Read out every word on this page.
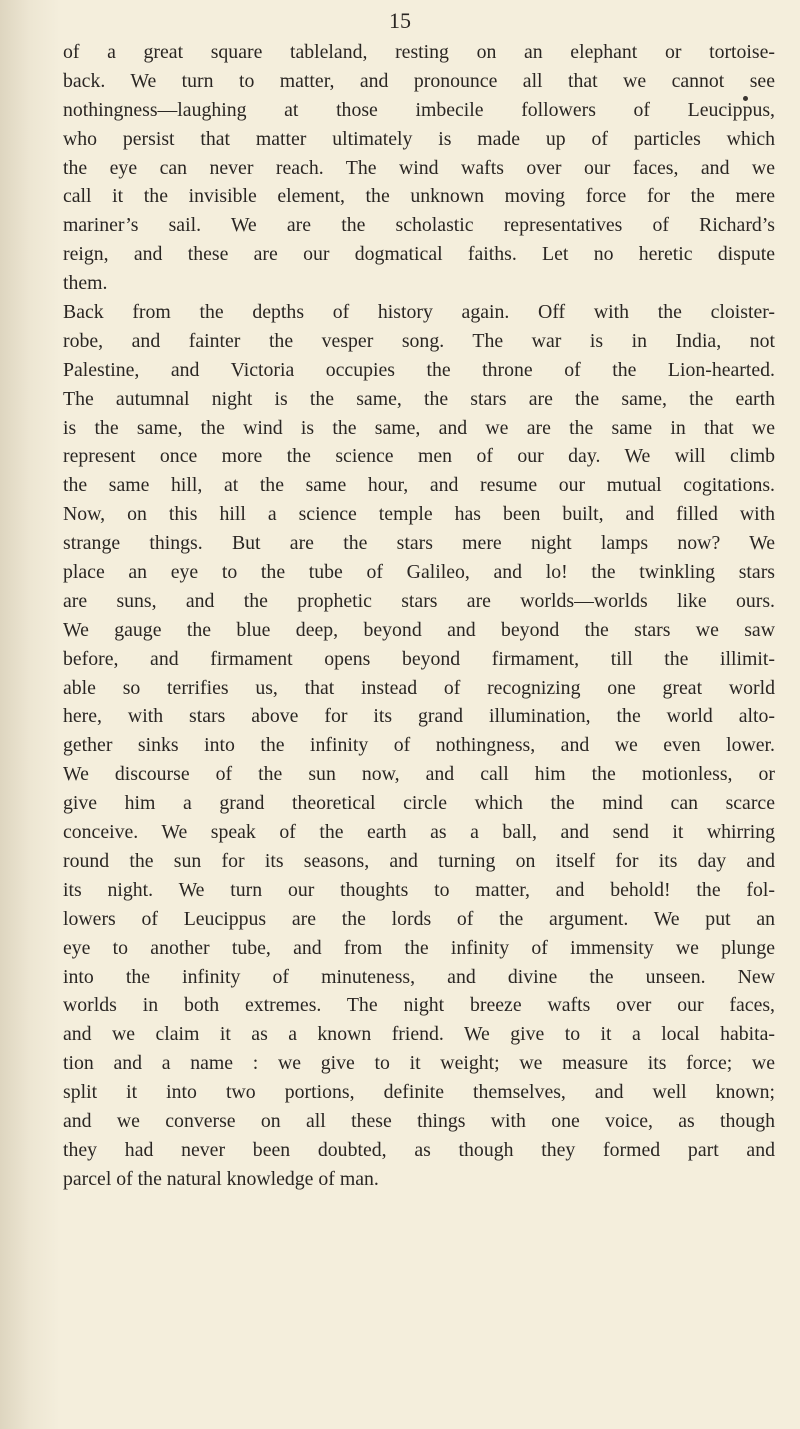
15
of a great square tableland, resting on an elephant or tortoise-
back. We turn to matter, and pronounce all that we cannot see
nothingness—laughing at those imbecile followers of Leucippus,
who persist that matter ultimately is made up of particles which
the eye can never reach. The wind wafts over our faces, and we
call it the invisible element, the unknown moving force for the mere
mariner’s sail. We are the scholastic representatives of Richard’s
reign, and these are our dogmatical faiths. Let no heretic dispute
them.
Back from the depths of history again. Off with the cloister-
robe, and fainter the vesper song. The war is in India, not
Palestine, and Victoria occupies the throne of the Lion-hearted.
The autumnal night is the same, the stars are the same, the earth
is the same, the wind is the same, and we are the same in that we
represent once more the science men of our day. We will climb
the same hill, at the same hour, and resume our mutual cogitations.
Now, on this hill a science temple has been built, and filled with
strange things. But are the stars mere night lamps now? We
place an eye to the tube of Galileo, and lo! the twinkling stars
are suns, and the prophetic stars are worlds—worlds like ours.
We gauge the blue deep, beyond and beyond the stars we saw
before, and firmament opens beyond firmament, till the illimit-
able so terrifies us, that instead of recognizing one great world
here, with stars above for its grand illumination, the world alto-
gether sinks into the infinity of nothingness, and we even lower.
We discourse of the sun now, and call him the motionless, or
give him a grand theoretical circle which the mind can scarce
conceive. We speak of the earth as a ball, and send it whirring
round the sun for its seasons, and turning on itself for its day and
its night. We turn our thoughts to matter, and behold! the fol-
lowers of Leucippus are the lords of the argument. We put an
eye to another tube, and from the infinity of immensity we plunge
into the infinity of minuteness, and divine the unseen. New
worlds in both extremes. The night breeze wafts over our faces,
and we claim it as a known friend. We give to it a local habita-
tion and a name : we give to it weight; we measure its force; we
split it into two portions, definite themselves, and well known;
and we converse on all these things with one voice, as though
they had never been doubted, as though they formed part and
parcel of the natural knowledge of man.
